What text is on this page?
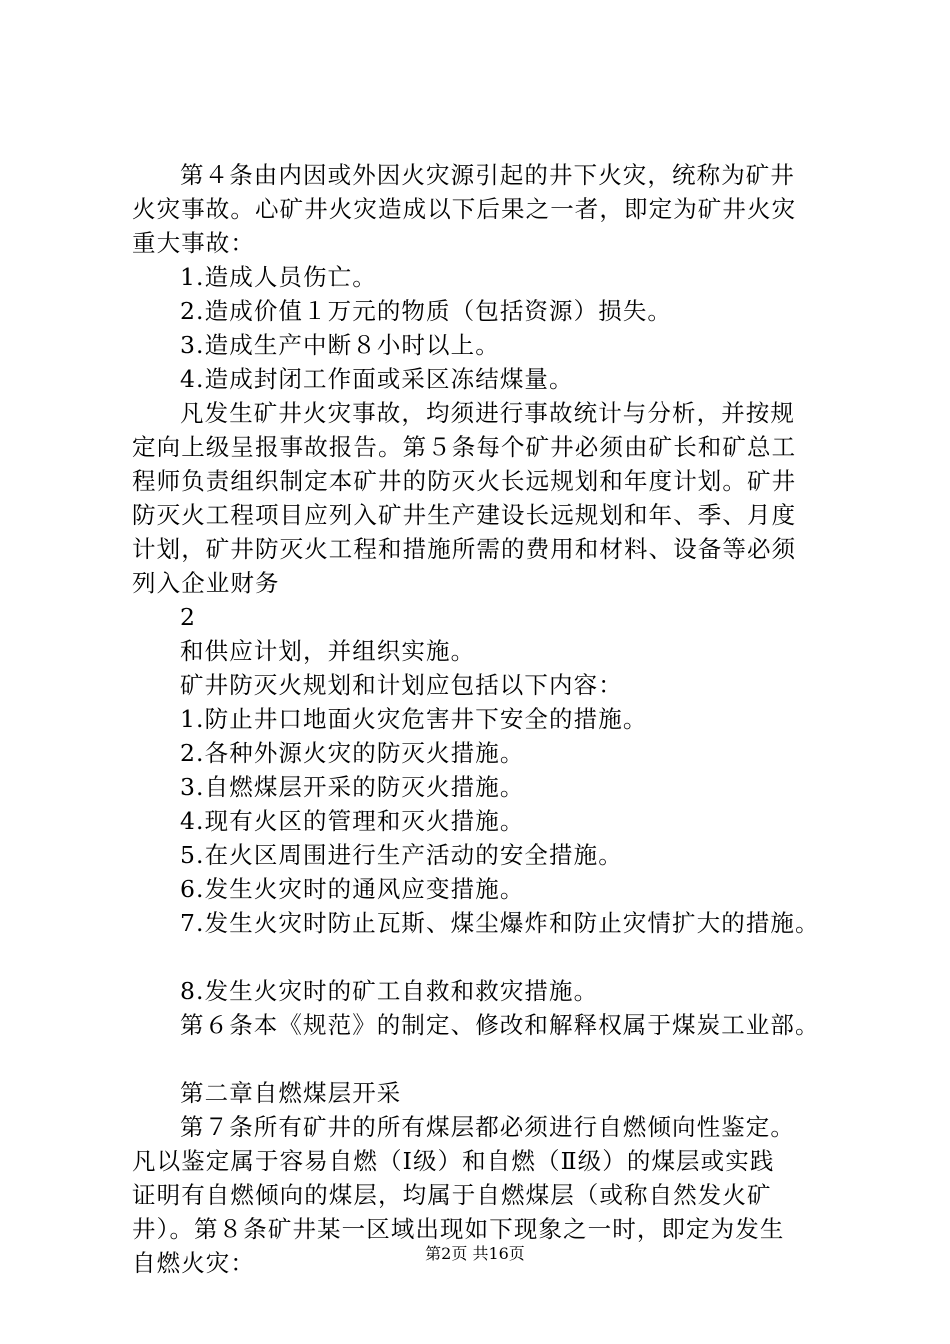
第４条由内因或外因火灾源引起的井下火灾，统称为矿井

火灾事故。心矿井火灾造成以下后果之一者，即定为矿井火灾

重大事故：

1.造成人员伤亡。

2.造成价值１万元的物质（包括资源）损失。

3.造成生产中断８小时以上。

4.造成封闭工作面或采区冻结煤量。

凡发生矿井火灾事故，均须进行事故统计与分析，并按规

定向上级呈报事故报告。第５条每个矿井必须由矿长和矿总工

程师负责组织制定本矿井的防灭火长远规划和年度计划。矿井

防灭火工程项目应列入矿井生产建设长远规划和年、季、月度

计划，矿井防灭火工程和措施所需的费用和材料、设备等必须

列入企业财务

2

和供应计划，并组织实施。

矿井防灭火规划和计划应包括以下内容：

1.防止井口地面火灾危害井下安全的措施。

2.各种外源火灾的防灭火措施。

3.自燃煤层开采的防灭火措施。

4.现有火区的管理和灭火措施。

5.在火区周围进行生产活动的安全措施。

6.发生火灾时的通风应变措施。

7.发生火灾时防止瓦斯、煤尘爆炸和防止灾情扩大的措施。

8.发生火灾时的矿工自救和救灾措施。

第６条本《规范》的制定、修改和解释权属于煤炭工业部。

第二章自燃煤层开采

第７条所有矿井的所有煤层都必须进行自燃倾向性鉴定。

凡以鉴定属于容易自燃（Ⅰ级）和自燃（Ⅱ级）的煤层或实践

证明有自燃倾向的煤层，均属于自燃煤层（或称自然发火矿

井）。第８条矿井某一区域出现如下现象之一时，即定为发生

自燃火灾：	第2页 共16页
